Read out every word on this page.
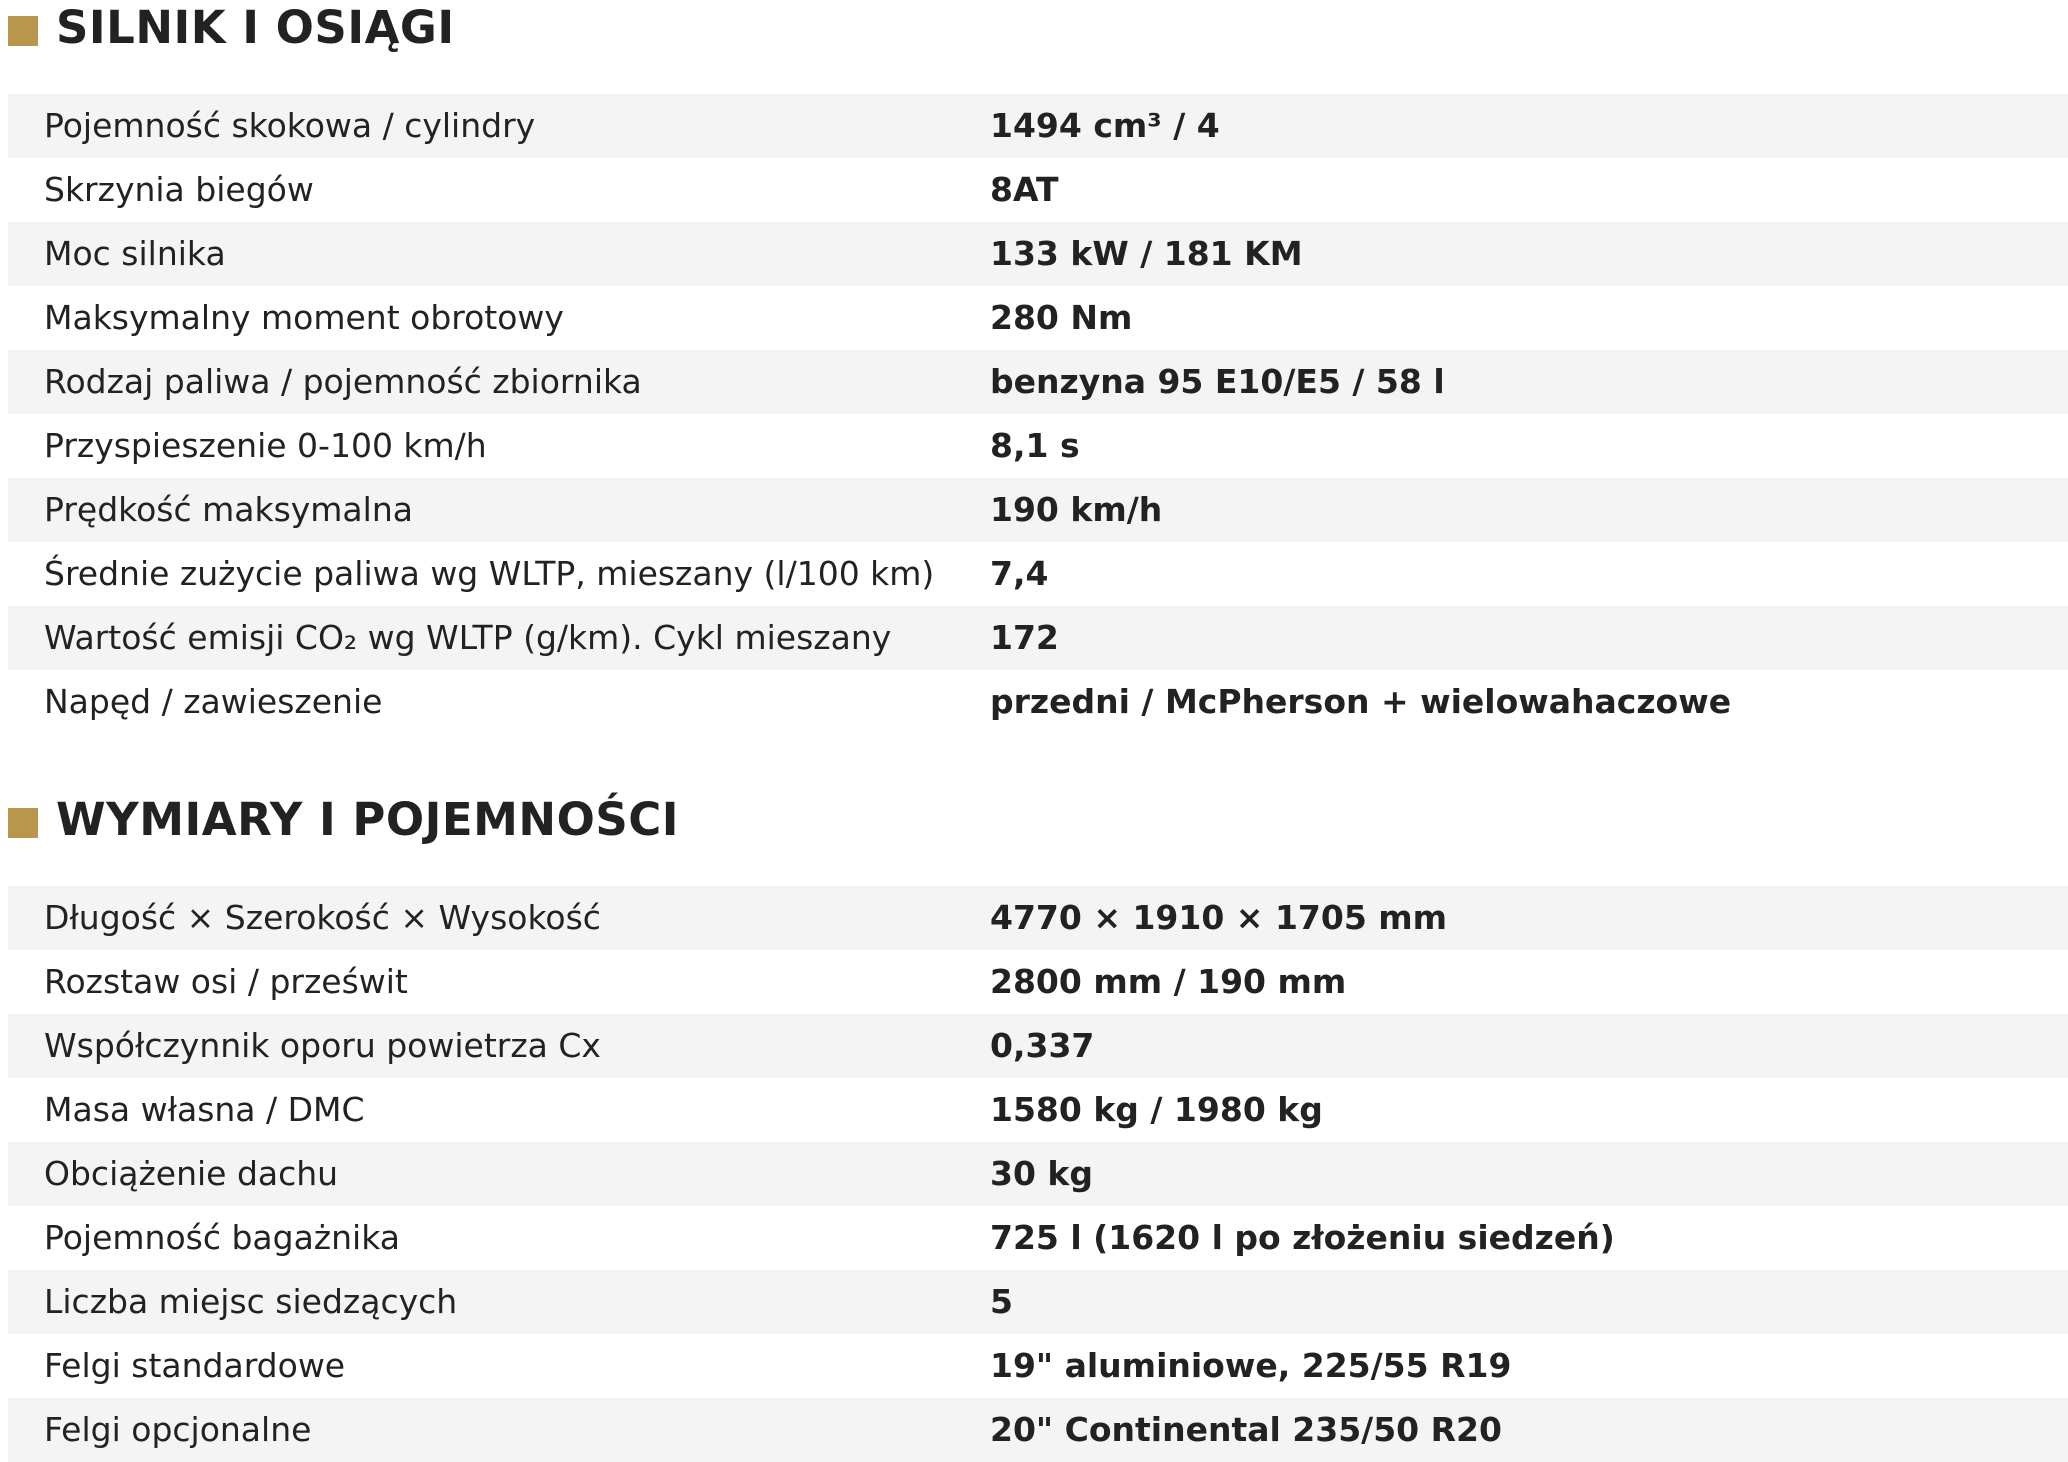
SILNIK I OSIĄGI
Pojemność skokowa / cylindry	1494 cm³ / 4
Skrzynia biegów	8AT
Moc silnika	133 kW / 181 KM
Maksymalny moment obrotowy	280 Nm
Rodzaj paliwa / pojemność zbiornika	benzyna 95 E10/E5 / 58 l
Przyspieszenie 0-100 km/h	8,1 s
Prędkość maksymalna	190 km/h
Średnie zużycie paliwa wg WLTP, mieszany (l/100 km) 7,4
Wartość emisji CO₂ wg WLTP (g/km). Cykl mieszany	172
Napęd / zawieszenie	przedni / McPherson + wielowahaczowe
WYMIARY I POJEMNOŚCI
Długość × Szerokość × Wysokość	4770 × 1910 × 1705 mm
Rozstaw osi / prześwit	2800 mm / 190 mm
Współczynnik oporu powietrza Cx	0,337
Masa własna / DMC	1580 kg / 1980 kg
Obciążenie dachu	30 kg
Pojemność bagażnika	725 l (1620 l po złożeniu siedzeń)
Liczba miejsc siedzących	5
Felgi standardowe	19" aluminiowe, 225/55 R19
Felgi opcjonalne	20" Continental 235/50 R20
